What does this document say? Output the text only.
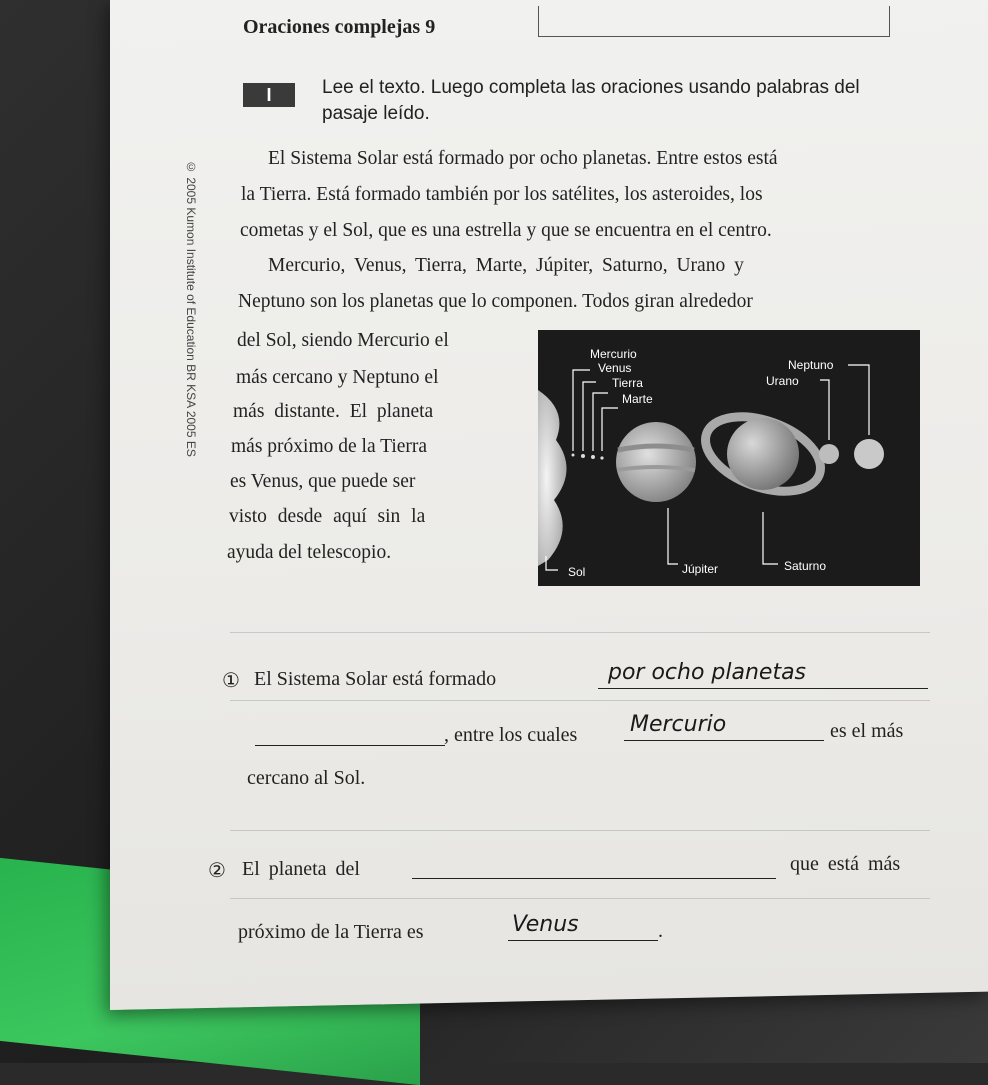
Oraciones complejas 9
I	Lee el texto. Luego completa las oraciones usando palabras del pasaje leído.
© 2005 Kumon Institute of Education BR KSA 2005 ES
El Sistema Solar está formado por ocho planetas. Entre estos está
la Tierra. Está formado también por los satélites, los asteroides, los
cometas y el Sol, que es una estrella y que se encuentra en el centro.
Mercurio, Venus, Tierra, Marte, Júpiter, Saturno, Urano y
Neptuno son los planetas que lo componen. Todos giran alrededor
del Sol, siendo Mercurio el
más cercano y Neptuno el
más distante. El planeta
más próximo de la Tierra
es Venus, que puede ser
visto desde aquí sin la
ayuda del telescopio.
Mercurio
Venus
Tierra
Marte
Neptuno
Urano
Sol	Júpiter	Saturno
① El Sistema Solar está formado	por ocho planetas
, entre los cuales Mercurio	es el más
cercano al Sol.
② El planeta del	que está más
próximo de la Tierra es	Venus	.
